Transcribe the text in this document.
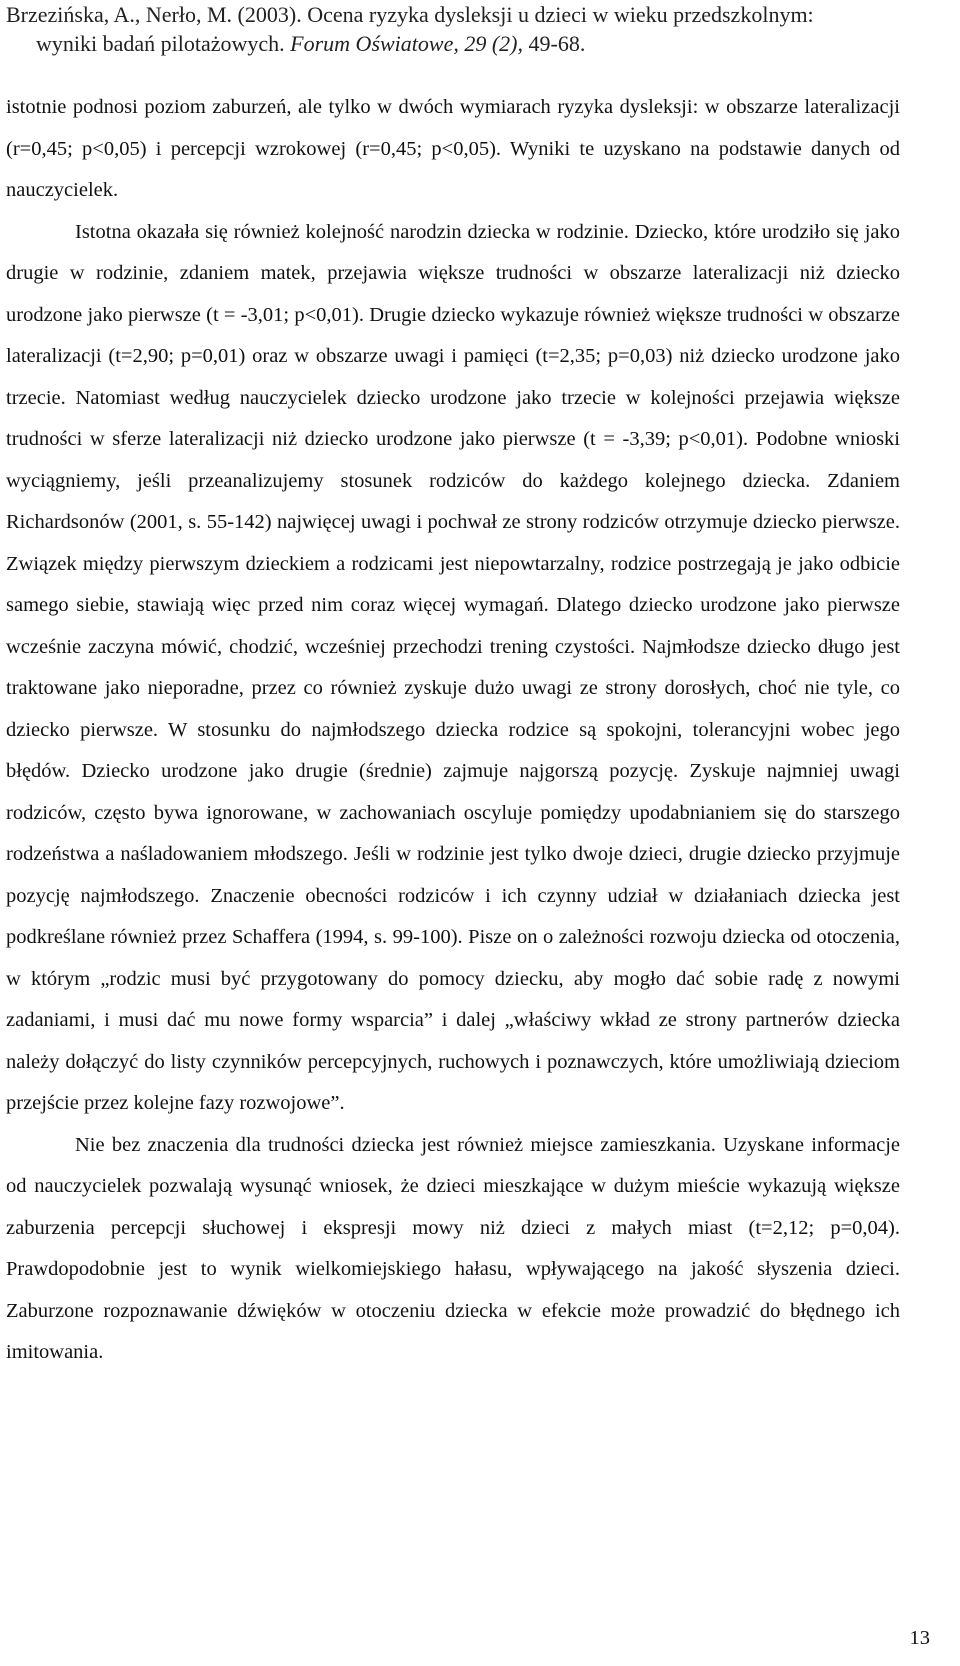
Brzezińska, A., Nerło, M. (2003). Ocena ryzyka dysleksji u dzieci w wieku przedszkolnym:
wyniki badań pilotażowych. Forum Oświatowe, 29 (2), 49-68.

istotnie podnosi poziom zaburzeń, ale tylko w dwóch wymiarach ryzyka dysleksji: w obszarze lateralizacji (r=0,45; p<0,05) i percepcji wzrokowej (r=0,45; p<0,05). Wyniki te uzyskano na podstawie danych od nauczycielek.

Istotna okazała się również kolejność narodzin dziecka w rodzinie. Dziecko, które urodziło się jako drugie w rodzinie, zdaniem matek, przejawia większe trudności w obszarze lateralizacji niż dziecko urodzone jako pierwsze (t = -3,01; p<0,01). Drugie dziecko wykazuje również większe trudności w obszarze lateralizacji (t=2,90; p=0,01) oraz w obszarze uwagi i pamięci (t=2,35; p=0,03) niż dziecko urodzone jako trzecie. Natomiast według nauczycielek dziecko urodzone jako trzecie w kolejności przejawia większe trudności w sferze lateralizacji niż dziecko urodzone jako pierwsze (t = -3,39; p<0,01). Podobne wnioski wyciągniemy, jeśli przeanalizujemy stosunek rodziców do każdego kolejnego dziecka. Zdaniem Richardsonów (2001, s. 55-142) najwięcej uwagi i pochwał ze strony rodziców otrzymuje dziecko pierwsze. Związek między pierwszym dzieckiem a rodzicami jest niepowtarzalny, rodzice postrzegają je jako odbicie samego siebie, stawiają więc przed nim coraz więcej wymagań. Dlatego dziecko urodzone jako pierwsze wcześnie zaczyna mówić, chodzić, wcześniej przechodzi trening czystości. Najmłodsze dziecko długo jest traktowane jako nieporadne, przez co również zyskuje dużo uwagi ze strony dorosłych, choć nie tyle, co dziecko pierwsze. W stosunku do najmłodszego dziecka rodzice są spokojni, tolerancyjni wobec jego błędów. Dziecko urodzone jako drugie (średnie) zajmuje najgorszą pozycję. Zyskuje najmniej uwagi rodziców, często bywa ignorowane, w zachowaniach oscyluje pomiędzy upodabnianiem się do starszego rodzeństwa a naśladowaniem młodszego. Jeśli w rodzinie jest tylko dwoje dzieci, drugie dziecko przyjmuje pozycję najmłodszego. Znaczenie obecności rodziców i ich czynny udział w działaniach dziecka jest podkreślane również przez Schaffera (1994, s. 99-100). Pisze on o zależności rozwoju dziecka od otoczenia, w którym „rodzic musi być przygotowany do pomocy dziecku, aby mogło dać sobie radę z nowymi zadaniami, i musi dać mu nowe formy wsparcia” i dalej „właściwy wkład ze strony partnerów dziecka należy dołączyć do listy czynników percepcyjnych, ruchowych i poznawczych, które umożliwiają dzieciom przejście przez kolejne fazy rozwojowe”.

Nie bez znaczenia dla trudności dziecka jest również miejsce zamieszkania. Uzyskane informacje od nauczycielek pozwalają wysunąć wniosek, że dzieci mieszkające w dużym mieście wykazują większe zaburzenia percepcji słuchowej i ekspresji mowy niż dzieci z małych miast (t=2,12; p=0,04). Prawdopodobnie jest to wynik wielkomiejskiego hałasu, wpływającego na jakość słyszenia dzieci. Zaburzone rozpoznawanie dźwięków w otoczeniu dziecka w efekcie może prowadzić do błędnego ich imitowania.

13
